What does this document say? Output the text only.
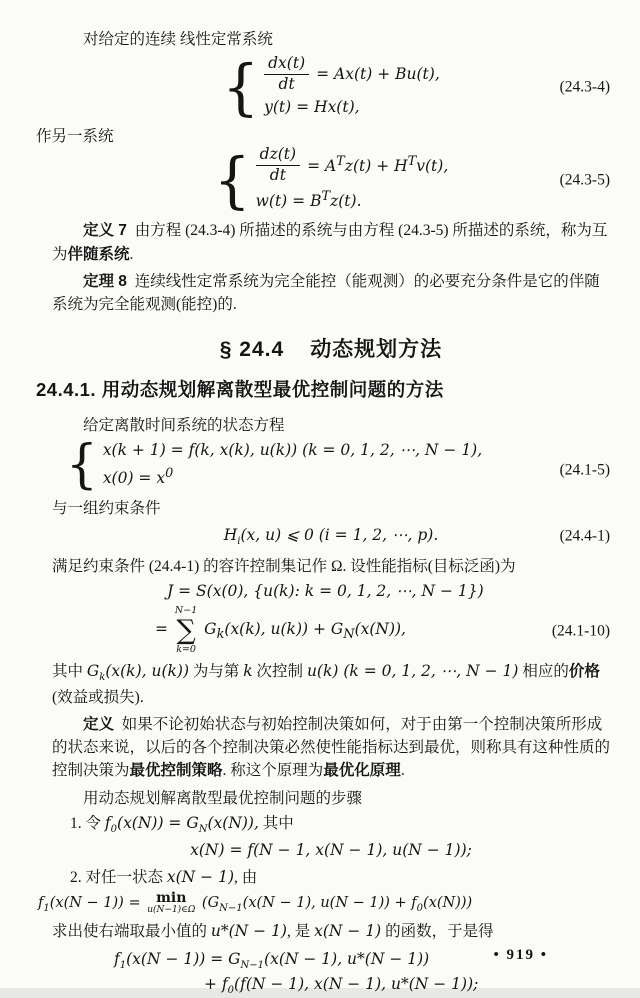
对给定的连续 线性定常系统

{ $\frac{dx(t)}{dt} = Ax(t) + Bu(t)$,
y(t) = Hx(t),
(24.3-4)

作另一系统

{ $\frac{dz(t)}{dt} = A^Tz(t) + H^Tv(t)$,
$w(t) = B^Tz(t)$.
(24.3-5)

定义 7 由方程 (24.3-4) 所描述的系统与由方程 (24.3-5) 所描述的系统，称为互为伴随系统.

定理 8 连续线性定常系统为完全能控（能观测）的必要充分条件是它的伴随系统为完全能观测(能控)的.

§ 24.4 动态规划方法
24.4.1. 用动态规划解离散型最优控制问题的方法

给定离散时间系统的状态方程

{ x(k + 1) = f(k, x(k), u(k)) (k = 0, 1, 2, ⋯, N − 1),
$x(0) = x^0$	(24.1-5)

与一组约束条件

$H_i(x$, u) ⩽ 0 (i = 1, 2, ⋯, p).	(24.4-1)

满足约束条件 (24.4-1) 的容许控制集记作 Ω. 设性能指标(目标泛函)为

J = S(x(0), {u(k): k = 0, 1, 2, ⋯, N − 1})
=
N−1
∑
k=0
$G_k(x(k)$, $u(k)) + G_N(x(N))$,	(24.1-10)

其中 $G_k(x(k)$, u(k)) 为与第 k 次控制 u(k) (k = 0, 1, 2, ⋯, N − 1) 相应的价格(效益或损失).

定义 如果不论初始状态与初始控制决策如何，对于由第一个控制决策所形成的状态来说，以后的各个控制决策必然使性能指标达到最优，则称具有这种性质的控制决策为最优控制策略. 称这个原理为最优化原理.

用动态规划解离散型最优控制问题的步骤

1. 令 $f_0(x(N)) = G_N(x(N))$, 其中

x(N) = f(N − 1, x(N − 1), u(N − 1));

2. 对任一状态 x(N − 1), 由

$f_1(x(N - 1)) = \min$
u(N−1)∈Ω ($G_{N-1}(x(N - 1)$, $u(N - 1)) + f_0(x(N))$)

求出使右端取最小值的 u*(N − 1), 是 x(N − 1) 的函数，于是得

$f_1(x(N - 1)) = G_{N-1}(x(N - 1)$, u*(N − 1))

+ $f_0(f(N - 1)$, x(N − 1), u*(N − 1));

• 919 •
